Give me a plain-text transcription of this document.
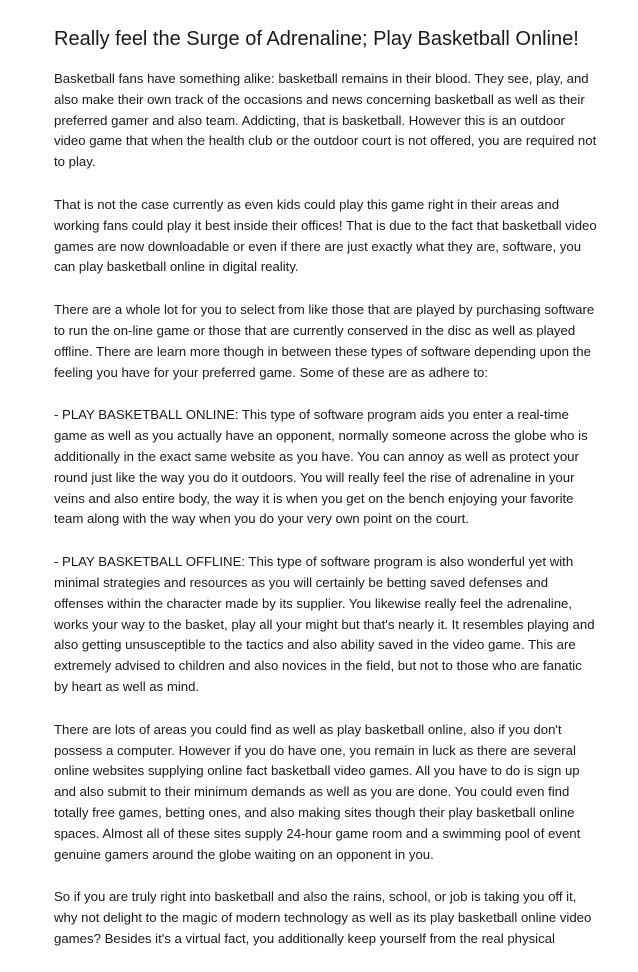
Really feel the Surge of Adrenaline; Play Basketball Online!

Basketball fans have something alike: basketball remains in their blood. They see, play, and
also make their own track of the occasions and news concerning basketball as well as their
preferred gamer and also team. Addicting, that is basketball. However this is an outdoor
video game that when the health club or the outdoor court is not offered, you are required not
to play.

That is not the case currently as even kids could play this game right in their areas and
working fans could play it best inside their offices! That is due to the fact that basketball video
games are now downloadable or even if there are just exactly what they are, software, you
can play basketball online in digital reality.

There are a whole lot for you to select from like those that are played by purchasing software
to run the on-line game or those that are currently conserved in the disc as well as played
offline. There are learn more though in between these types of software depending upon the
feeling you have for your preferred game. Some of these are as adhere to:

- PLAY BASKETBALL ONLINE: This type of software program aids you enter a real-time
game as well as you actually have an opponent, normally someone across the globe who is
additionally in the exact same website as you have. You can annoy as well as protect your
round just like the way you do it outdoors. You will really feel the rise of adrenaline in your
veins and also entire body, the way it is when you get on the bench enjoying your favorite
team along with the way when you do your very own point on the court.

- PLAY BASKETBALL OFFLINE: This type of software program is also wonderful yet with
minimal strategies and resources as you will certainly be betting saved defenses and
offenses within the character made by its supplier. You likewise really feel the adrenaline,
works your way to the basket, play all your might but that's nearly it. It resembles playing and
also getting unsusceptible to the tactics and also ability saved in the video game. This are
extremely advised to children and also novices in the field, but not to those who are fanatic
by heart as well as mind.

There are lots of areas you could find as well as play basketball online, also if you don't
possess a computer. However if you do have one, you remain in luck as there are several
online websites supplying online fact basketball video games. All you have to do is sign up
and also submit to their minimum demands as well as you are done. You could even find
totally free games, betting ones, and also making sites though their play basketball online
spaces. Almost all of these sites supply 24-hour game room and a swimming pool of event
genuine gamers around the globe waiting on an opponent in you.

So if you are truly right into basketball and also the rains, school, or job is taking you off it,
why not delight to the magic of modern technology as well as its play basketball online video
games? Besides it's a virtual fact, you additionally keep yourself from the real physical
